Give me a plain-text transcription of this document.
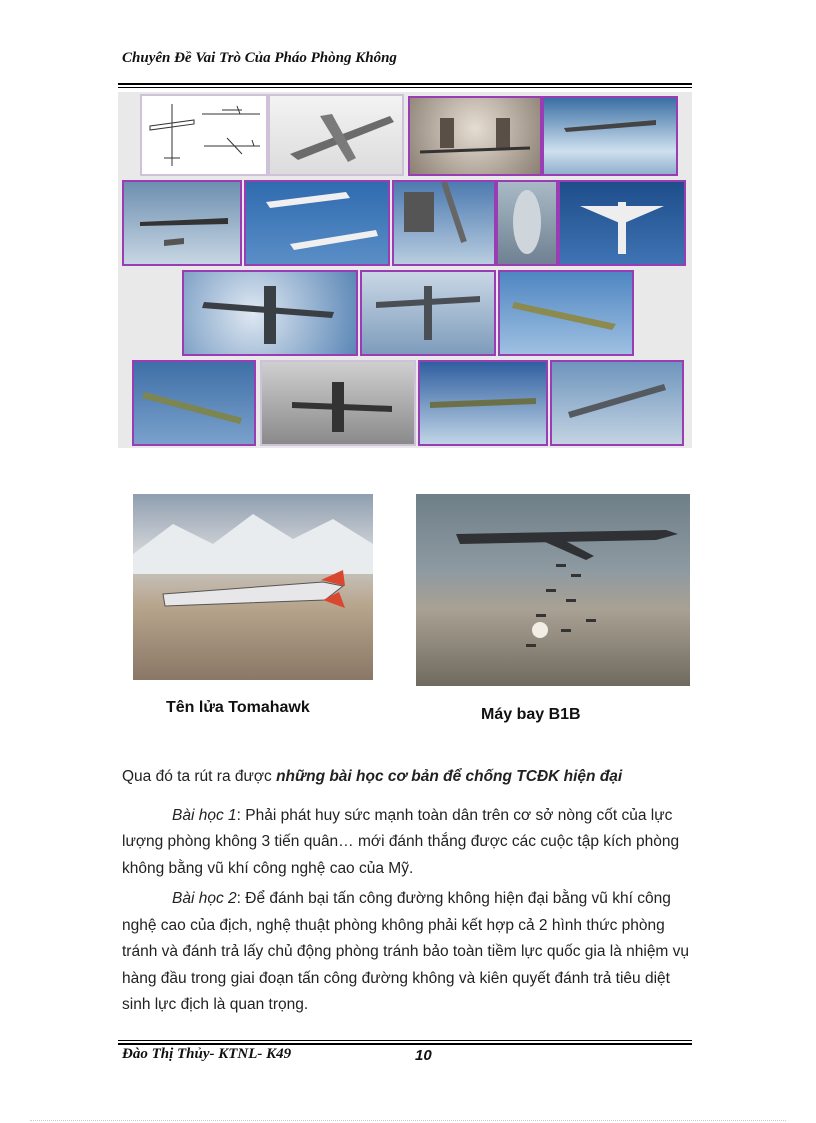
Chuyên Đề Vai Trò Của Pháo Phòng Không
Tên lửa Tomahawk	Máy bay B1B

Qua đó ta rút ra được những bài học cơ bản để chống TCĐK hiện đại

Bài học 1: Phải phát huy sức mạnh toàn dân trên cơ sở nòng cốt của lực lượng phòng không 3 tiến quân… mới đánh thắng được các cuộc tập kích phòng không bằng vũ khí công nghệ cao của Mỹ.

Bài học 2: Để đánh bại tấn công đường không hiện đại bằng vũ khí công nghệ cao của địch, nghệ thuật phòng không phải kết hợp cả 2 hình thức phòng tránh và đánh trả lấy chủ động phòng tránh bảo toàn tiềm lực quốc gia là nhiệm vụ hàng đầu trong giai đoạn tấn công đường không và kiên quyết đánh trả tiêu diệt sinh lực địch là quan trọng.

Đào Thị Thủy- KTNL- K49	10
